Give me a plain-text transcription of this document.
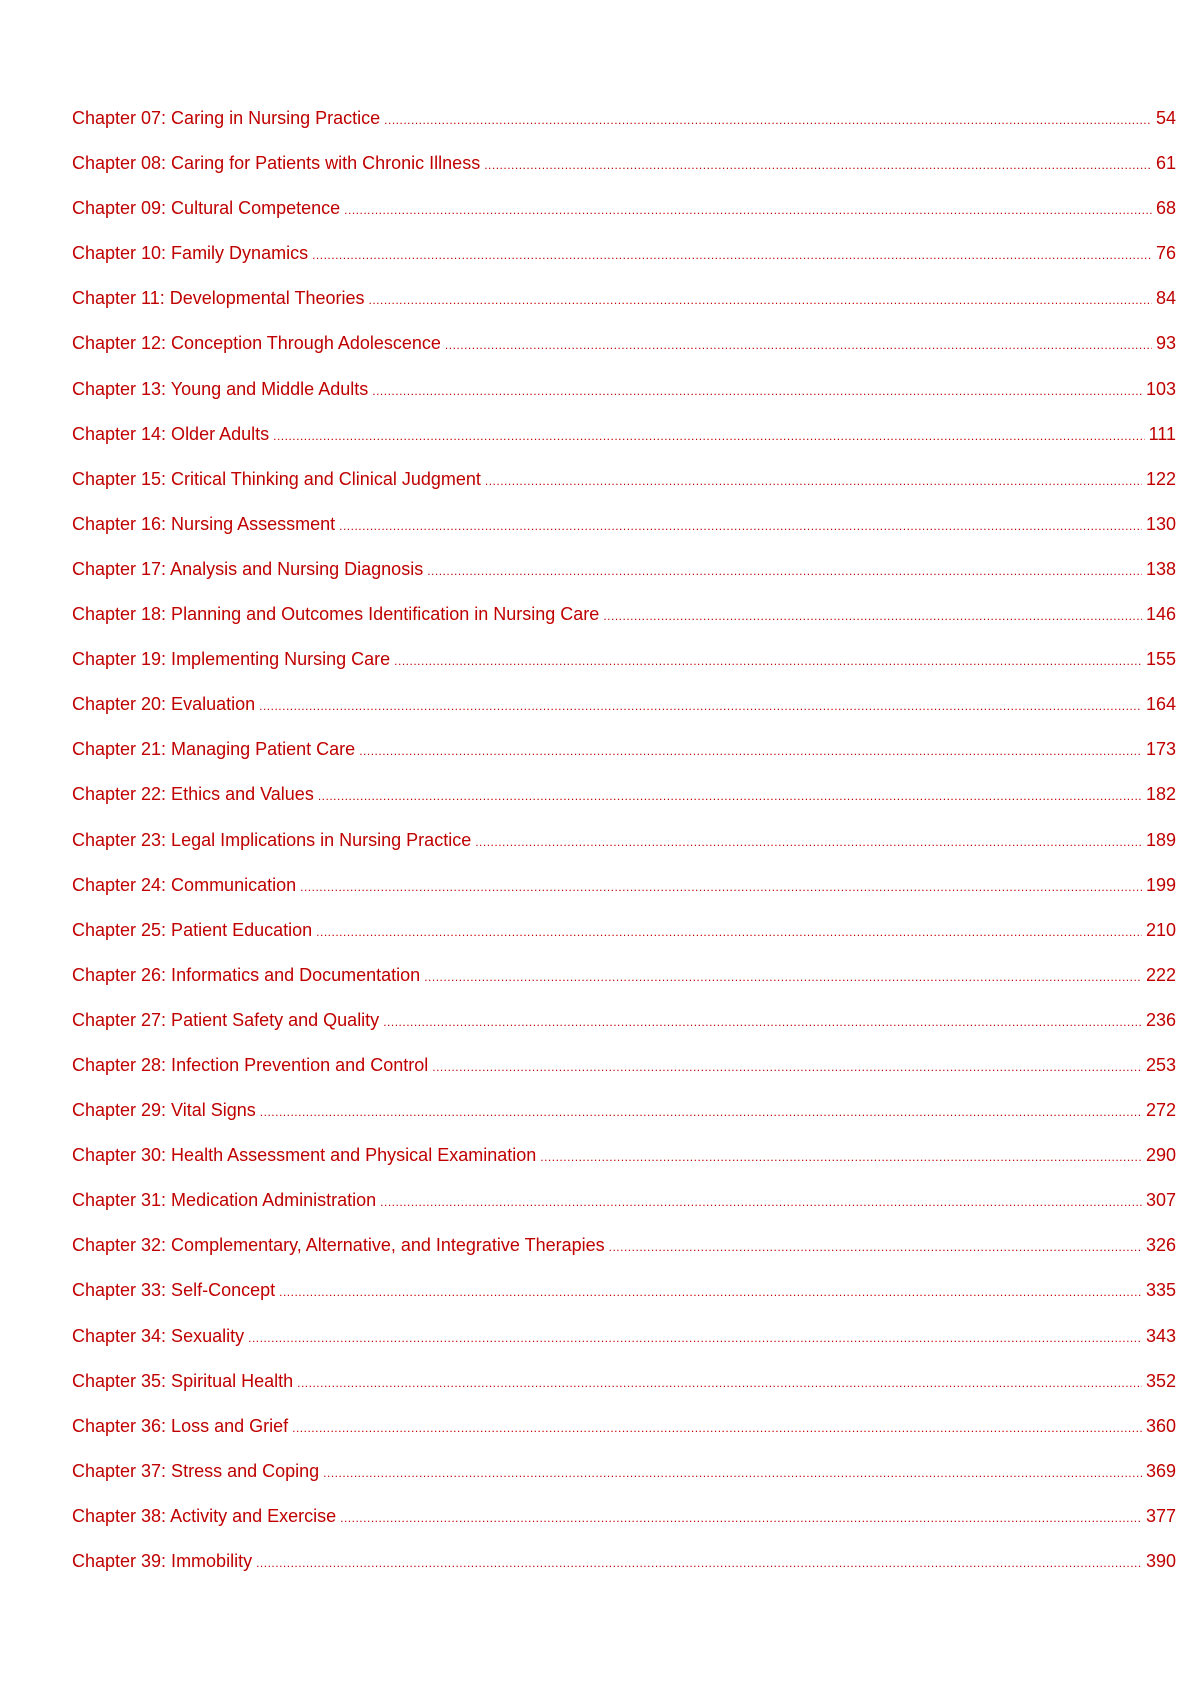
Chapter 07: Caring in Nursing Practice .....	54
Chapter 08: Caring for Patients with Chronic Illness .....	61
Chapter 09: Cultural Competence .....	68
Chapter 10: Family Dynamics .....	76
Chapter 11: Developmental Theories .....	84
Chapter 12: Conception Through Adolescence .....	93
Chapter 13: Young and Middle Adults .....	103
Chapter 14: Older Adults .....	111
Chapter 15: Critical Thinking and Clinical Judgment .....	122
Chapter 16: Nursing Assessment .....	130
Chapter 17: Analysis and Nursing Diagnosis .....	138
Chapter 18: Planning and Outcomes Identification in Nursing Care .....	146
Chapter 19: Implementing Nursing Care .....	155
Chapter 20: Evaluation .....	164
Chapter 21: Managing Patient Care .....	173
Chapter 22: Ethics and Values .....	182
Chapter 23: Legal Implications in Nursing Practice .....	189
Chapter 24: Communication .....	199
Chapter 25: Patient Education .....	210
Chapter 26: Informatics and Documentation .....	222
Chapter 27: Patient Safety and Quality .....	236
Chapter 28: Infection Prevention and Control .....	253
Chapter 29: Vital Signs .....	272
Chapter 30: Health Assessment and Physical Examination .....	290
Chapter 31: Medication Administration .....	307
Chapter 32: Complementary, Alternative, and Integrative Therapies .....	326
Chapter 33: Self-Concept .....	335
Chapter 34: Sexuality .....	343
Chapter 35: Spiritual Health .....	352
Chapter 36: Loss and Grief .....	360
Chapter 37: Stress and Coping .....	369
Chapter 38: Activity and Exercise .....	377
Chapter 39: Immobility .....	390
